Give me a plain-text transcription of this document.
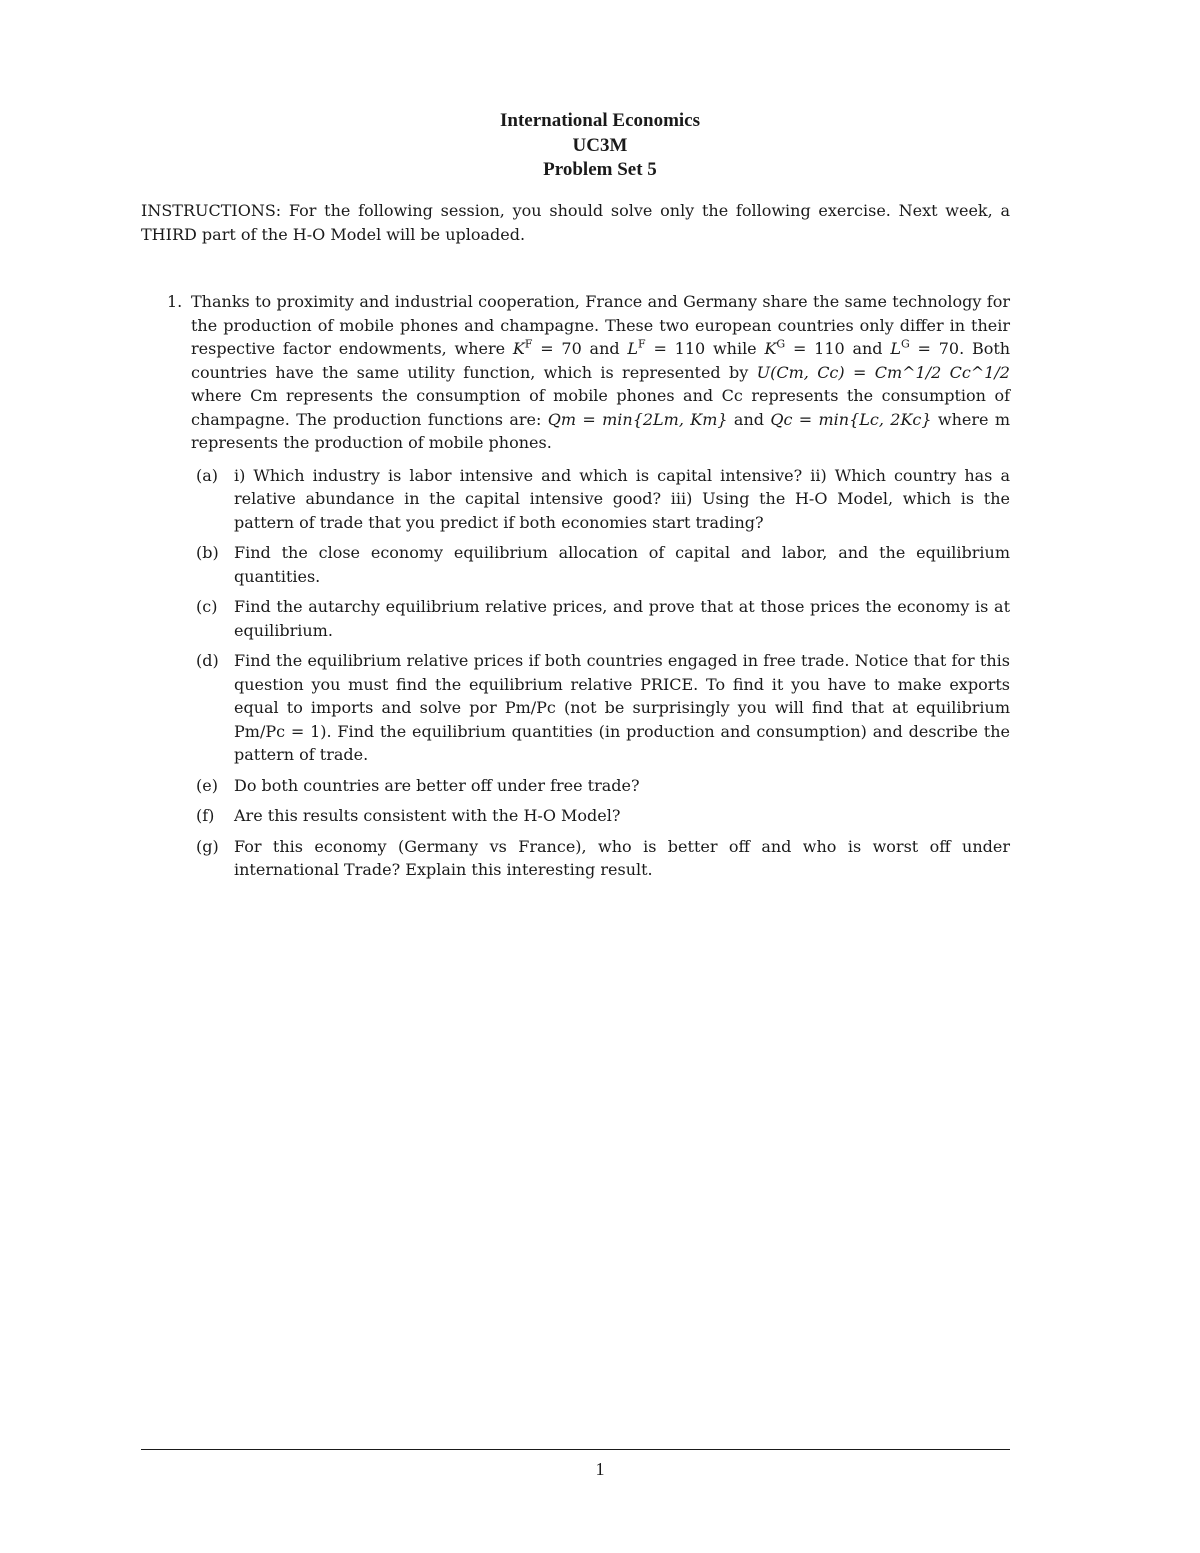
International Economics
UC3M
Problem Set 5
INSTRUCTIONS: For the following session, you should solve only the following exercise. Next week, a THIRD part of the H-O Model will be uploaded.
1. Thanks to proximity and industrial cooperation, France and Germany share the same technology for the production of mobile phones and champagne. These two european countries only differ in their respective factor endowments, where $K^F = 70$ and $L^F = 110$ while $K^G = 110$ and $L^G = 70$. Both countries have the same utility function, which is represented by U(Cm, Cc) = Cm^1/2 Cc^1/2 where Cm represents the consumption of mobile phones and Cc represents the consumption of champagne. The production functions are: Qm = min{2Lm, Km} and Qc = min{Lc, 2Kc} where m represents the production of mobile phones.
(a) i) Which industry is labor intensive and which is capital intensive? ii) Which country has a relative abundance in the capital intensive good? iii) Using the H-O Model, which is the pattern of trade that you predict if both economies start trading?
(b) Find the close economy equilibrium allocation of capital and labor, and the equilibrium quantities.
(c) Find the autarchy equilibrium relative prices, and prove that at those prices the economy is at equilibrium.
(d) Find the equilibrium relative prices if both countries engaged in free trade. Notice that for this question you must find the equilibrium relative PRICE. To find it you have to make exports equal to imports and solve por Pm/Pc (not be surprisingly you will find that at equilibrium Pm/Pc = 1). Find the equilibrium quantities (in production and consumption) and describe the pattern of trade.
(e) Do both countries are better off under free trade?
(f) Are this results consistent with the H-O Model?
(g) For this economy (Germany vs France), who is better off and who is worst off under international Trade? Explain this interesting result.
1
